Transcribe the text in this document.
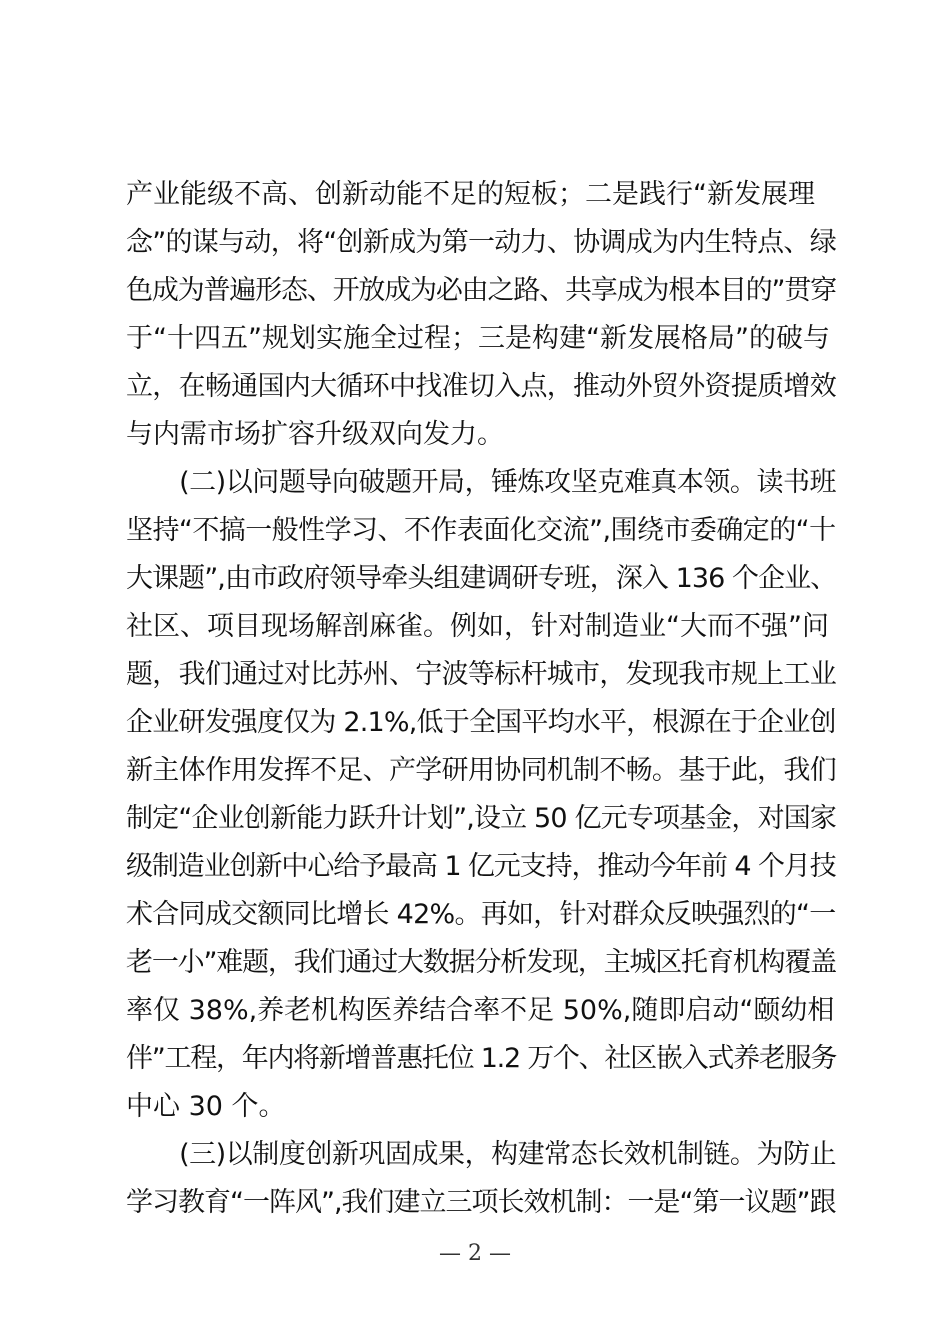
产业能级不高、创新动能不足的短板；二是践行“新发展理
念”的谋与动，将“创新成为第一动力、协调成为内生特点、绿
色成为普遍形态、开放成为必由之路、共享成为根本目的”贯穿
于“十四五”规划实施全过程；三是构建“新发展格局”的破与
立，在畅通国内大循环中找准切入点，推动外贸外资提质增效
与内需市场扩容升级双向发力。
　　(二)以问题导向破题开局，锤炼攻坚克难真本领。读书班
坚持“不搞一般性学习、不作表面化交流”,围绕市委确定的“十
大课题”,由市政府领导牵头组建调研专班，深入 136 个企业、
社区、项目现场解剖麻雀。例如，针对制造业“大而不强”问
题，我们通过对比苏州、宁波等标杆城市，发现我市规上工业
企业研发强度仅为 2.1%,低于全国平均水平，根源在于企业创
新主体作用发挥不足、产学研用协同机制不畅。基于此，我们
制定“企业创新能力跃升计划”,设立 50 亿元专项基金，对国家
级制造业创新中心给予最高 1 亿元支持，推动今年前 4 个月技
术合同成交额同比增长 42%。再如，针对群众反映强烈的“一
老一小”难题，我们通过大数据分析发现，主城区托育机构覆盖
率仅 38%,养老机构医养结合率不足 50%,随即启动“颐幼相
伴”工程，年内将新增普惠托位 1.2 万个、社区嵌入式养老服务
中心 30 个。
　　(三)以制度创新巩固成果，构建常态长效机制链。为防止
学习教育“一阵风”,我们建立三项长效机制：一是“第一议题”跟
— 2 —
